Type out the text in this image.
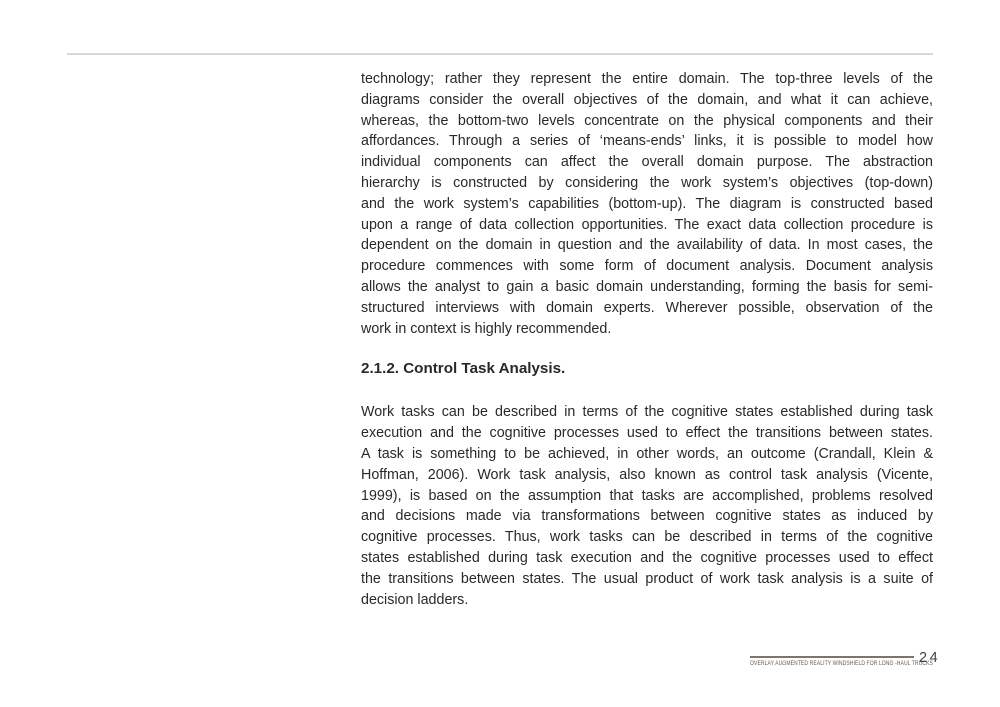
technology; rather they represent the entire domain. The top-three levels of the
diagrams consider the overall objectives of the domain, and what it can achieve,
whereas, the bottom-two levels concentrate on the physical components and their
affordances. Through a series of ‘means-ends’ links, it is possible to model how
individual components can affect the overall domain purpose. The abstraction
hierarchy is constructed by considering the work system’s objectives (top-down)
and the work system’s capabilities (bottom-up). The diagram is constructed based
upon a range of data collection opportunities. The exact data collection procedure is
dependent on the domain in question and the availability of data. In most cases, the
procedure commences with some form of document analysis. Document analysis
allows the analyst to gain a basic domain understanding, forming the basis for semi-
structured interviews with domain experts. Wherever possible, observation of the
work in context is highly recommended.
2.1.2. Control Task Analysis.
Work tasks can be described in terms of the cognitive states established during task
execution and the cognitive processes used to effect the transitions between states.
A task is something to be achieved, in other words, an outcome (Crandall, Klein &
Hoffman, 2006). Work task analysis, also known as control task analysis (Vicente,
1999), is based on the assumption that tasks are accomplished, problems resolved
and decisions made via transformations between cognitive states as induced by
cognitive processes. Thus, work tasks can be described in terms of the cognitive
states established during task execution and the cognitive processes used to effect
the transitions between states. The usual product of work task analysis is a suite of
decision ladders.
OVERLAY AUGMENTED REALITY WINDSHIELD FOR LONG -HAUL TRUCKS
24
